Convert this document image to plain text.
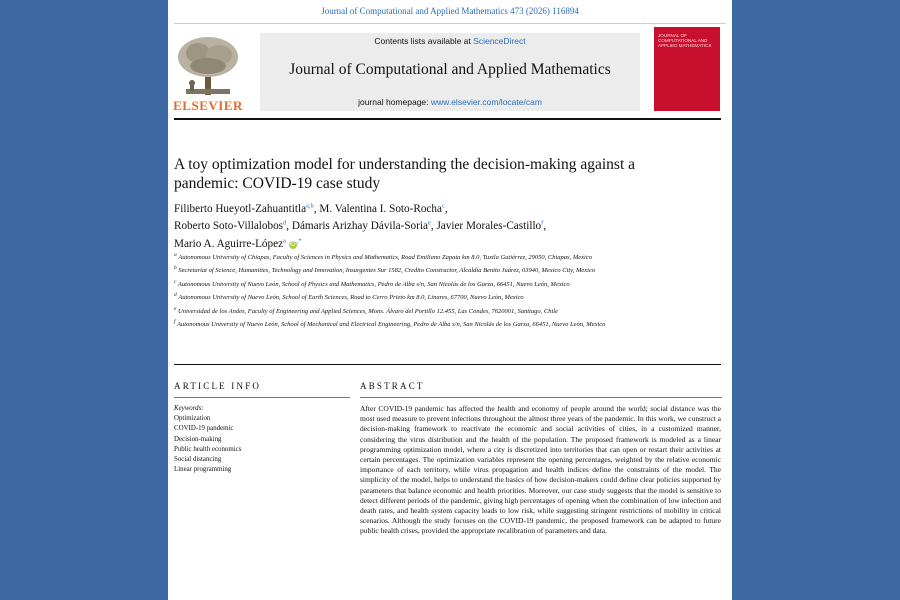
Journal of Computational and Applied Mathematics 473 (2026) 116894
ELSEVIER
Contents lists available at ScienceDirect
Journal of Computational and Applied Mathematics
journal homepage: www.elsevier.com/locate/cam
JOURNAL OF COMPUTATIONAL AND APPLIED MATHEMATICS
A toy optimization model for understanding the decision-making against a pandemic: COVID-19 case study
Filiberto Hueyotl-Zahuantitla$^{a,b}$, M. Valentina I. Soto-Rocha$^c$,
Roberto Soto-Villalobos$^d$, Dámaris Arizhay Dávila-Soria$^e$, Javier Morales-Castillo$^f$,
Mario A. Aguirre-López$^a$ iD,*
$^a$ Autonomous University of Chiapas, Faculty of Sciences in Physics and Mathematics, Road Emiliano Zapata km 8.0, Tuxtla Gutiérrez, 29050, Chiapas, Mexico
$^b$ Secretariat of Science, Humanities, Technology and Innovation, Insurgentes Sur 1582, Credito Constructor, Alcaldía Benito Juárez, 03940, Mexico City, Mexico
$^c$ Autonomous University of Nuevo León, School of Physics and Mathematics, Pedro de Alba s/n, San Nicolás de los Garza, 66451, Nuevo León, Mexico
$^d$ Autonomous University of Nuevo León, School of Earth Sciences, Road to Cerro Prieto km 8.0, Linares, 67700, Nuevo León, Mexico
$^e$ Universidad de los Andes, Faculty of Engineering and Applied Sciences, Mons. Álvaro del Portillo 12.455, Las Condes, 7620001, Santiago, Chile
$^f$ Autonomous University of Nuevo León, School of Mechanical and Electrical Engineering, Pedro de Alba s/n, San Nicolás de los Garza, 66451, Nuevo León, Mexico
ARTICLE INFO	ABSTRACT
Keywords:
Optimization
COVID-19 pandemic
Decision-making
Public health economics
Social distancing
Linear programming
After COVID-19 pandemic has affected the health and economy of people around the world; social distance was the most used measure to prevent infections throughout the almost three years of the pandemic. In this work, we construct a decision-making framework to reactivate the economic and social activities of cities, in a customized manner, considering the virus distribution and the health of the population. The proposed framework is modeled as a linear programming optimization model, where a city is discretized into territories that can open or restart their activities at certain percentages. The optimization variables represent the opening percentages, weighted by the relative economic importance of each territory, while virus propagation and health indices define the constraints of the model. The simplicity of the model, helps to understand the basics of how decision-makers could define clear policies supported by parameters that balance economic and health priorities. Moreover, our case study suggests that the model is sensitive to detect different periods of the pandemic, giving high percentages of opening when the combination of low infection and death rates, and health system capacity leads to low risk, while suggesting stringent restrictions of mobility in critical scenarios. Although the study focuses on the COVID-19 pandemic, the proposed framework can be adapted to future public health crises, provided the appropriate recalibration of parameters and data.
